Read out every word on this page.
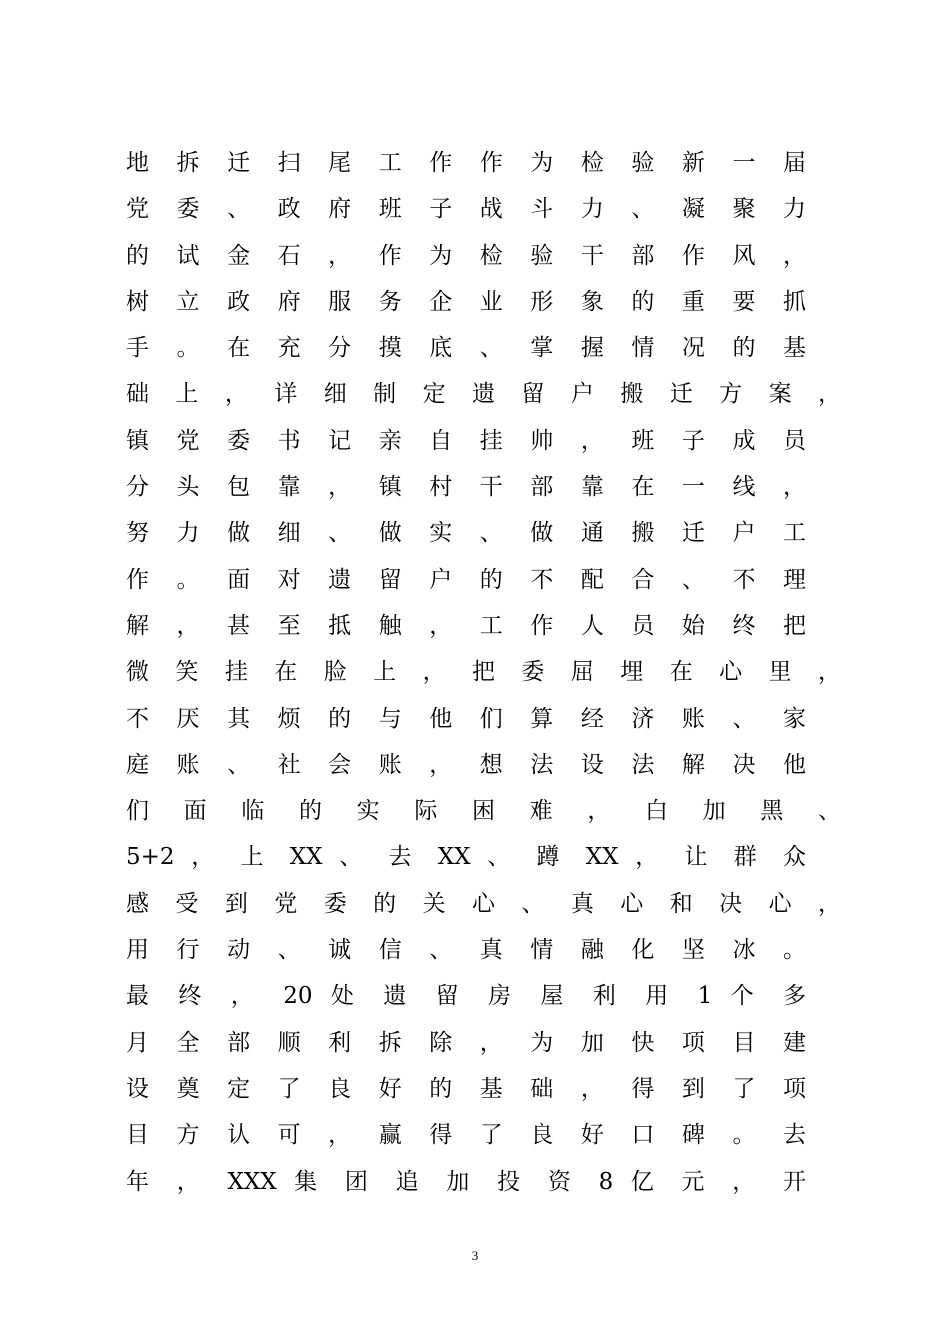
地 拆 迁 扫 尾 工 作 作 为 检 验 新 一 届
党 委 、 政 府 班 子 战 斗 力 、 凝 聚 力
的 试 金 石 ， 作 为 检 验 干 部 作 风 ，
树 立 政 府 服 务 企 业 形 象 的 重 要 抓
手 。 在 充 分 摸 底 、 掌 握 情 况 的 基
础 上 ， 详 细 制 定 遗 留 户 搬 迁 方 案 ，
镇 党 委 书 记 亲 自 挂 帅 ， 班 子 成 员
分 头 包 靠 ， 镇 村 干 部 靠 在 一 线 ，
努 力 做 细 、 做 实 、 做 通 搬 迁 户 工
作 。 面 对 遗 留 户 的 不 配 合 、 不 理
解 ， 甚 至 抵 触 ， 工 作 人 员 始 终 把
微 笑 挂 在 脸 上 ， 把 委 屈 埋 在 心 里 ，
不 厌 其 烦 的 与 他 们 算 经 济 账 、 家
庭 账 、 社 会 账 ， 想 法 设 法 解 决 他
们 面 临 的 实 际 困 难 ， 白 加 黑 、
5+2 ， 上 XX 、 去 XX 、 蹲 XX ， 让 群 众
感 受 到 党 委 的 关 心 、 真 心 和 决 心 ，
用 行 动 、 诚 信 、 真 情 融 化 坚 冰 。
最 终 ， 20 处 遗 留 房 屋 利 用 1 个 多
月 全 部 顺 利 拆 除 ， 为 加 快 项 目 建
设 奠 定 了 良 好 的 基 础 ， 得 到 了 项
目 方 认 可 ， 赢 得 了 良 好 口 碑 。 去
年 ， XXX 集 团 追 加 投 资 8 亿 元 ， 开
3
